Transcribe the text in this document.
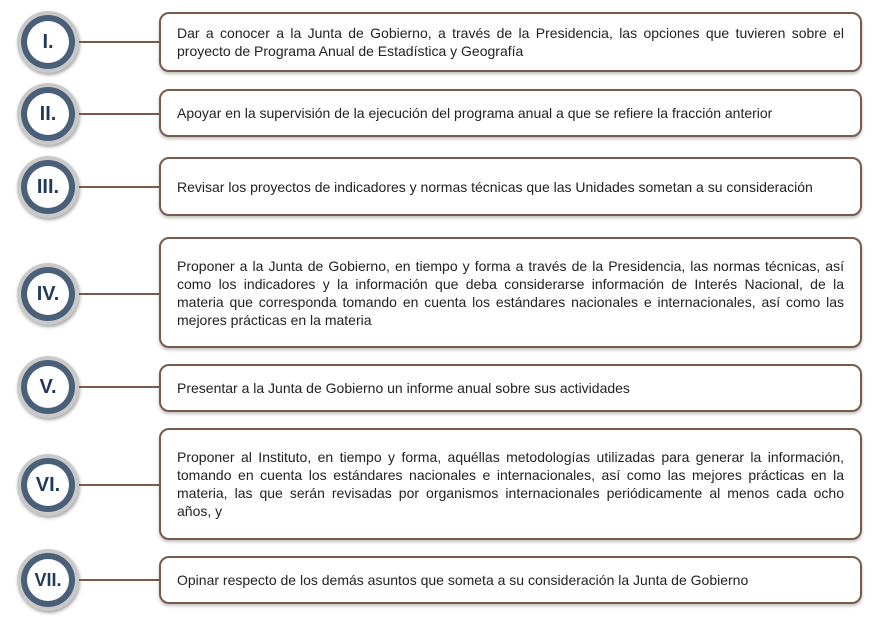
I.	Dar a conocer a la Junta de Gobierno, a través de la Presidencia, las opciones que tuvieren sobre el proyecto de Programa Anual de Estadística y Geografía
II.	Apoyar en la supervisión de la ejecución del programa anual a que se refiere la fracción anterior
III.	Revisar los proyectos de indicadores y normas técnicas que las Unidades sometan a su consideración
IV.
Proponer a la Junta de Gobierno, en tiempo y forma a través de la Presidencia, las normas técnicas, así como los indicadores y la información que deba considerarse información de Interés Nacional, de la materia que corresponda tomando en cuenta los estándares nacionales e internacionales, así como las mejores prácticas en la materia
V.	Presentar a la Junta de Gobierno un informe anual sobre sus actividades
VI.
Proponer al Instituto, en tiempo y forma, aquéllas metodologías utilizadas para generar la información, tomando en cuenta los estándares nacionales e internacionales, así como las mejores prácticas en la materia, las que serán revisadas por organismos internacionales periódicamente al menos cada ocho años, y
VII.	Opinar respecto de los demás asuntos que someta a su consideración la Junta de Gobierno
